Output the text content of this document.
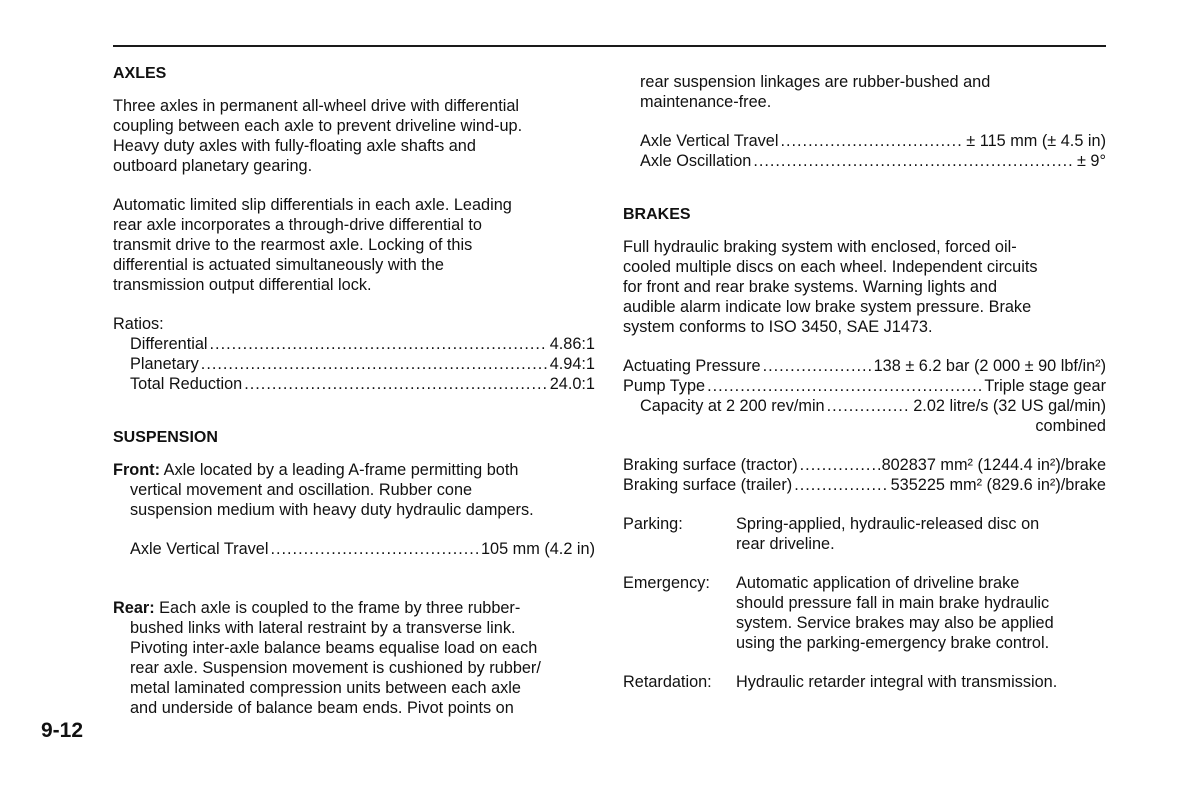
AXLES

Three axles in permanent all-wheel drive with differential
coupling between each axle to prevent driveline wind-up.
Heavy duty axles with fully-floating axle shafts and
outboard planetary gearing.

Automatic limited slip differentials in each axle. Leading
rear axle incorporates a through-drive differential to
transmit drive to the rearmost axle. Locking of this
differential is actuated simultaneously with the
transmission output differential lock.

Ratios:

Differential .....	4.86:1
Planetary .....	4.94:1
Total Reduction .....	24.0:1
SUSPENSION

Front: Axle located by a leading A-frame permitting both
vertical movement and oscillation. Rubber cone
suspension medium with heavy duty hydraulic dampers.

Axle Vertical Travel .....	105 mm (4.2 in)

Rear: Each axle is coupled to the frame by three rubber-
bushed links with lateral restraint by a transverse link.
Pivoting inter-axle balance beams equalise load on each
rear axle. Suspension movement is cushioned by rubber/
metal laminated compression units between each axle
and underside of balance beam ends. Pivot points on

rear suspension linkages are rubber-bushed and
maintenance-free.

Axle Vertical Travel .....	± 115 mm (± 4.5 in)
Axle Oscillation .....	± 9°
BRAKES

Full hydraulic braking system with enclosed, forced oil-
cooled multiple discs on each wheel. Independent circuits
for front and rear brake systems. Warning lights and
audible alarm indicate low brake system pressure. Brake
system conforms to ISO 3450, SAE J1473.

Actuating Pressure .....	138 ± 6.2 bar (2 000 ± 90 lbf/in²)
Pump Type .....	Triple stage gear
Capacity at 2 200 rev/min .....	2.02 litre/s (32 US gal/min)
combined
Braking surface (tractor) .....	802837 mm² (1244.4 in²)/brake
Braking surface (trailer) .....	535225 mm² (829.6 in²)/brake
Parking:	Spring-applied, hydraulic-released disc on
rear driveline.
Emergency:	Automatic application of driveline brake
should pressure fall in main brake hydraulic
system. Service brakes may also be applied
using the parking-emergency brake control.
Retardation:	Hydraulic retarder integral with transmission.
9-12
